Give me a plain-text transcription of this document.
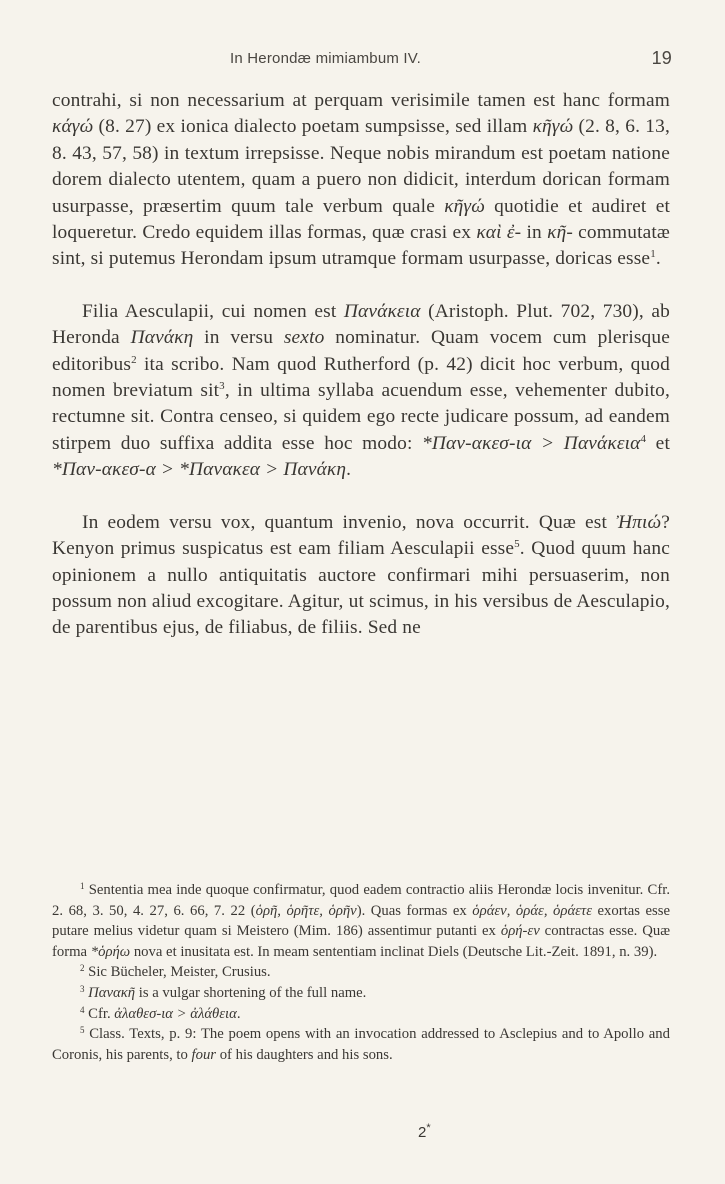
In Herondæ mimiambum IV.	19

contrahi, si non necessarium at perquam verisimile tamen est hanc formam κάγώ (8. 27) ex ionica dialecto poetam sumpsisse, sed illam κῆγώ (2. 8, 6. 13, 8. 43, 57, 58) in textum irrepsisse. Neque nobis mirandum est poetam natione dorem dialecto utentem, quam a puero non didicit, interdum dorican formam usurpasse, præsertim quum tale verbum quale κῆγώ quotidie et audiret et loqueretur. Credo equidem illas formas, quæ crasi ex καὶ ἐ- in κῆ- commutatæ sint, si putemus Herondam ipsum utramque formam usurpasse, doricas esse$^1$.

Filia Aesculapii, cui nomen est Πανάκεια (Aristoph. Plut. 702, 730), ab Heronda Πανάκη in versu sexto nominatur. Quam vocem cum plerisque editoribus$^2$ ita scribo. Nam quod Rutherford (p. 42) dicit hoc verbum, quod nomen breviatum sit$^3$, in ultima syllaba acuendum esse, vehementer dubito, rectumne sit. Contra censeo, si quidem ego recte judicare possum, ad eandem stirpem duo suffixa addita esse hoc modo: *Παν-ακεσ-ια > Πανάκεια$^4$ et *Παν-ακεσ-α > *Πανακεα > Πανάκη.

In eodem versu vox, quantum invenio, nova occurrit. Quæ est Ἠπιώ? Kenyon primus suspicatus est eam filiam Aesculapii esse$^5$. Quod quum hanc opinionem a nullo antiquitatis auctore confirmari mihi persuaserim, non possum non aliud excogitare. Agitur, ut scimus, in his versibus de Aesculapio, de parentibus ejus, de filiabus, de filiis. Sed ne

$^1$ Sententia mea inde quoque confirmatur, quod eadem contractio aliis Herondæ locis invenitur. Cfr. 2. 68, 3. 50, 4. 27, 6. 66, 7. 22 (ὁρῆ, ὁρῆτε, ὁρῆν). Quas formas ex ὁράεν, ὁράε, ὁράετε exortas esse putare melius videtur quam si Meistero (Mim. 186) assentimur putanti ex ὁρή-εν contractas esse. Quæ forma *ὁρήω nova et inusitata est. In meam sententiam inclinat Diels (Deutsche Lit.-Zeit. 1891, n. 39).

$^2$ Sic Bücheler, Meister, Crusius.

$^3$ Πανακῆ is a vulgar shortening of the full name.

$^4$ Cfr. ἀλαθεσ-ια > ἀλάθεια.

$^5$ Class. Texts, p. 9: The poem opens with an invocation addressed to Asclepius and to Apollo and Coronis, his parents, to four of his daughters and his sons.

2*
